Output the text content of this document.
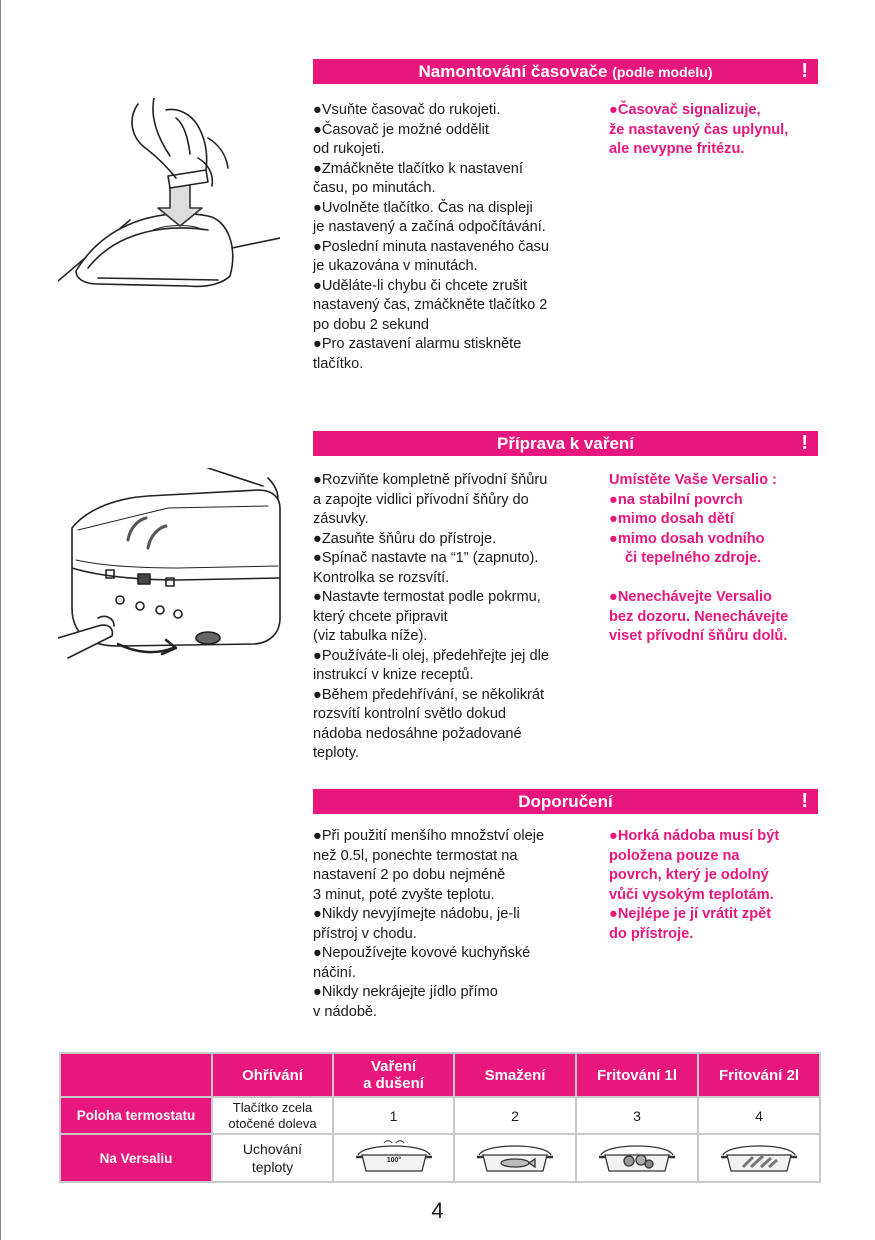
Namontování časovače (podle modelu)	!

●Vsuňte časovač do rukojeti.

●Časovač je možné oddělit

od rukojeti.

●Zmáčkněte tlačítko k nastavení

času, po minutách.

●Uvolněte tlačítko. Čas na displeji

je nastavený a začíná odpočítávání.

●Poslední minuta nastaveného času

je ukazována v minutách.

●Uděláte-li chybu či chcete zrušit

nastavený čas, zmáčkněte tlačítko 2

po dobu 2 sekund

●Pro zastavení alarmu stiskněte

tlačítko.

●Časovač signalizuje,

že nastavený čas uplynul,

ale nevypne fritézu.

Příprava k vaření	!

●Rozviňte kompletně přívodní šňůru

a zapojte vidlici přívodní šňůry do

zásuvky.

●Zasuňte šňůru do přístroje.

●Spínač nastavte na “1” (zapnuto).

Kontrolka se rozsvítí.

●Nastavte termostat podle pokrmu,

který chcete připravit

(viz tabulka níže).

●Používáte-li olej, předehřejte jej dle

instrukcí v knize receptů.

●Během předehřívání, se několikrát

rozsvítí kontrolní světlo dokud

nádoba nedosáhne požadované

teploty.

Umístěte Vaše Versalio :

●na stabilní povrch

●mimo dosah dětí

●mimo dosah vodního

či tepelného zdroje.

●Nenechávejte Versalio

bez dozoru. Nenechávejte

viset přívodní šňůru dolů.

Doporučení	!

●Při použití menšího množství oleje

než 0.5l, ponechte termostat na

nastavení 2 po dobu nejméně

3 minut, poté zvyšte teplotu.

●Nikdy nevyjímejte nádobu, je-li

přístroj v chodu.

●Nepoužívejte kovové kuchyňské

náčiní.

●Nikdy nekrájejte jídlo přímo

v nádobě.

●Horká nádoba musí být

položena pouze na

povrch, který je odolný

vůči vysokým teplotám.

●Nejlépe je jí vrátit zpět

do přístroje.

	Ohřívání	Vaření
a dušení	Smažení	Fritování 1l	Fritování 2l
Poloha termostatu	Tlačítko zcela
otočené doleva	1	2	3	4
Na Versaliu	Uchování
teploty	100°

4
